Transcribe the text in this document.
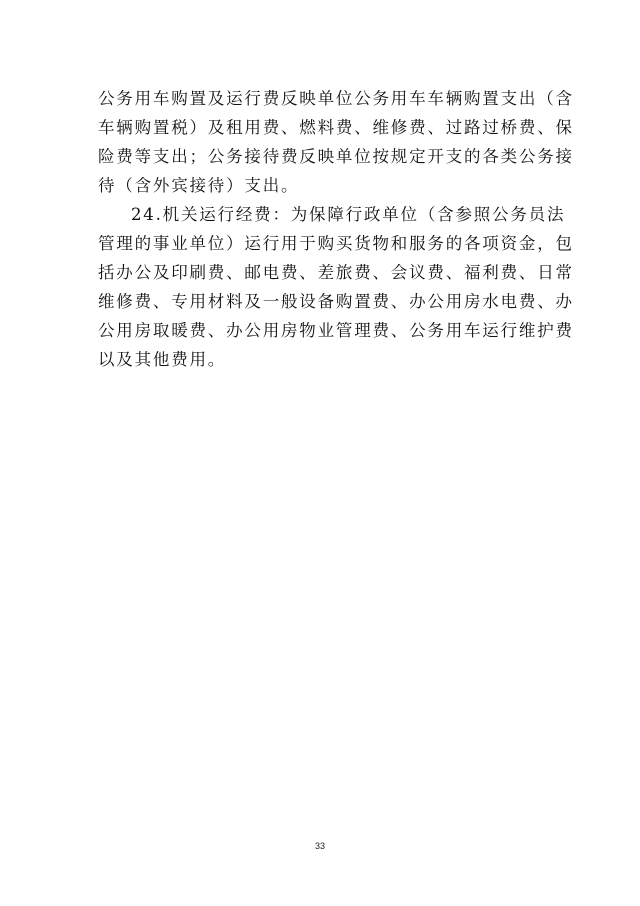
公务用车购置及运行费反映单位公务用车车辆购置支出（含
车辆购置税）及租用费、燃料费、维修费、过路过桥费、保
险费等支出；公务接待费反映单位按规定开支的各类公务接
待（含外宾接待）支出。
24.机关运行经费：为保障行政单位（含参照公务员法
管理的事业单位）运行用于购买货物和服务的各项资金，包
括办公及印刷费、邮电费、差旅费、会议费、福利费、日常
维修费、专用材料及一般设备购置费、办公用房水电费、办
公用房取暖费、办公用房物业管理费、公务用车运行维护费
以及其他费用。
33
